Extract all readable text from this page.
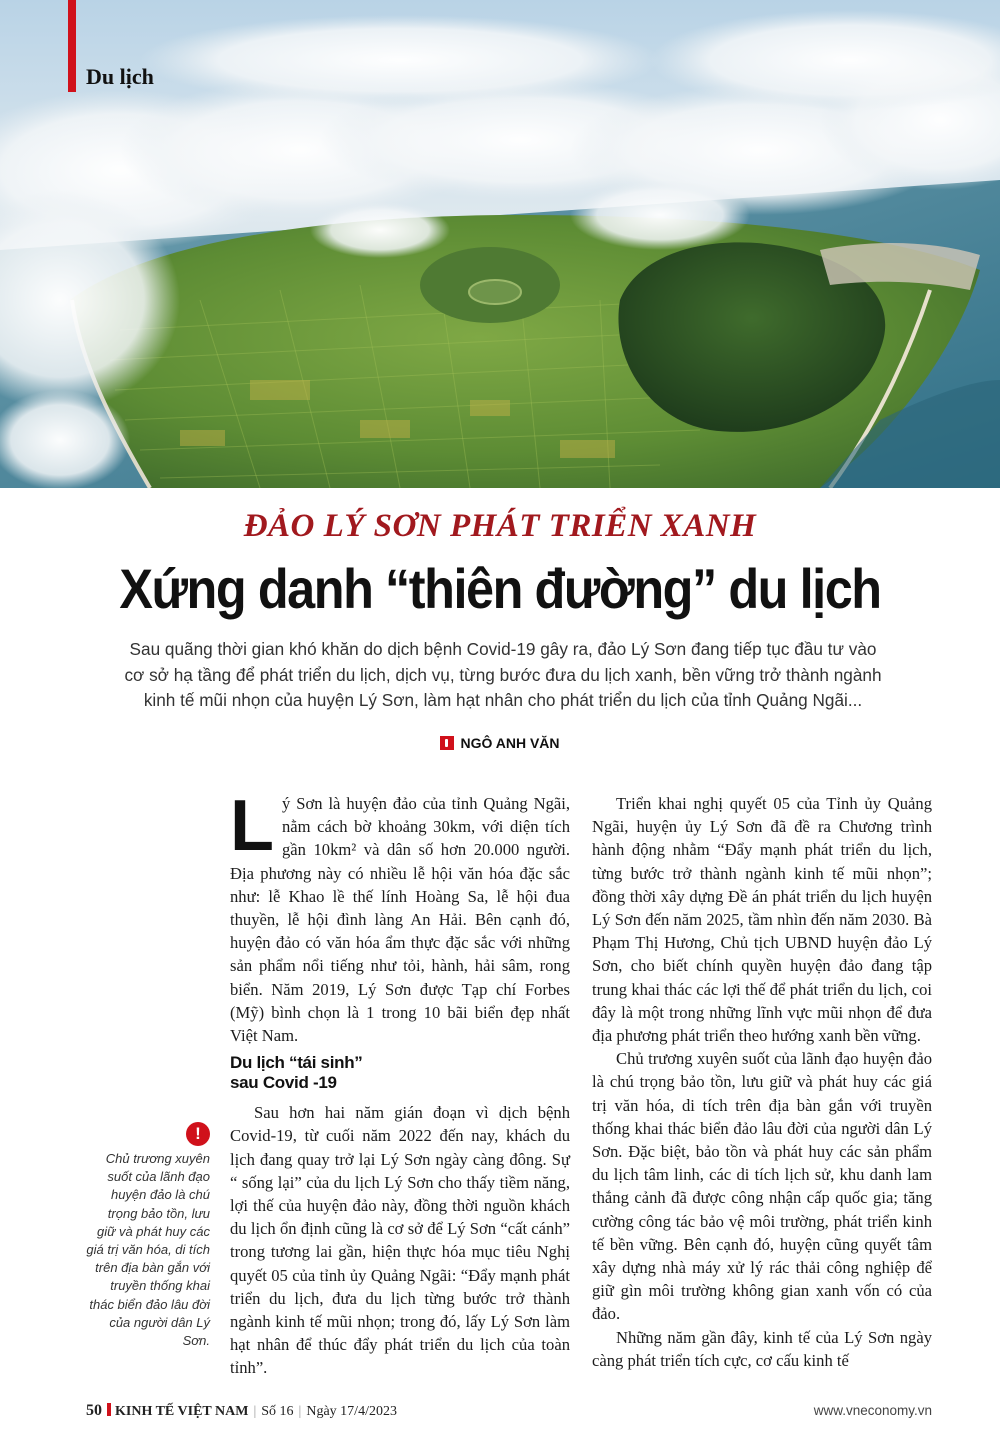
Du lịch
ĐẢO LÝ SƠN PHÁT TRIỂN XANH
Xứng danh “thiên đường” du lịch
Sau quãng thời gian khó khăn do dịch bệnh Covid-19 gây ra, đảo Lý Sơn đang tiếp tục đầu tư vào cơ sở hạ tầng để phát triển du lịch, dịch vụ, từng bước đưa du lịch xanh, bền vững trở thành ngành kinh tế mũi nhọn của huyện Lý Sơn, làm hạt nhân cho phát triển du lịch của tỉnh Quảng Ngãi...
NGÔ ANH VĂN

Lý Sơn là huyện đảo của tỉnh Quảng Ngãi, nằm cách bờ khoảng 30km, với diện tích gần 10km² và dân số hơn 20.000 người. Địa phương này có nhiều lễ hội văn hóa đặc sắc như: lễ Khao lề thế lính Hoàng Sa, lễ hội đua thuyền, lễ hội đình làng An Hải. Bên cạnh đó, huyện đảo có văn hóa ẩm thực đặc sắc với những sản phẩm nổi tiếng như tỏi, hành, hải sâm, rong biển. Năm 2019, Lý Sơn được Tạp chí Forbes (Mỹ) bình chọn là 1 trong 10 bãi biển đẹp nhất Việt Nam.

Du lịch “tái sinh”
sau Covid -19

Sau hơn hai năm gián đoạn vì dịch bệnh Covid-19, từ cuối năm 2022 đến nay, khách du lịch đang quay trở lại Lý Sơn ngày càng đông. Sự “ sống lại” của du lịch Lý Sơn cho thấy tiềm năng, lợi thế của huyện đảo này, đồng thời nguồn khách du lịch ổn định cũng là cơ sở để Lý Sơn “cất cánh” trong tương lai gần, hiện thực hóa mục tiêu Nghị quyết 05 của tỉnh ủy Quảng Ngãi: “Đẩy mạnh phát triển du lịch, đưa du lịch từng bước trở thành ngành kinh tế mũi nhọn; trong đó, lấy Lý Sơn làm hạt nhân để thúc đẩy phát triển du lịch của toàn tỉnh”.

!
Chủ trương xuyên suốt của lãnh đạo huyện đảo là chú trọng bảo tồn, lưu giữ và phát huy các giá trị văn hóa, di tích trên địa bàn gắn với truyền thống khai thác biển đảo lâu đời của người dân Lý Sơn.

Triển khai nghị quyết 05 của Tỉnh ủy Quảng Ngãi, huyện ủy Lý Sơn đã đề ra Chương trình hành động nhằm “Đẩy mạnh phát triển du lịch, từng bước trở thành ngành kinh tế mũi nhọn”; đồng thời xây dựng Đề án phát triển du lịch huyện Lý Sơn đến năm 2025, tầm nhìn đến năm 2030. Bà Phạm Thị Hương, Chủ tịch UBND huyện đảo Lý Sơn, cho biết chính quyền huyện đảo đang tập trung khai thác các lợi thế để phát triển du lịch, coi đây là một trong những lĩnh vực mũi nhọn để đưa địa phương phát triển theo hướng xanh bền vững.

Chủ trương xuyên suốt của lãnh đạo huyện đảo là chú trọng bảo tồn, lưu giữ và phát huy các giá trị văn hóa, di tích trên địa bàn gắn với truyền thống khai thác biển đảo lâu đời của người dân Lý Sơn. Đặc biệt, bảo tồn và phát huy các sản phẩm du lịch tâm linh, các di tích lịch sử, khu danh lam thắng cảnh đã được công nhận cấp quốc gia; tăng cường công tác bảo vệ môi trường, phát triển kinh tế bền vững. Bên cạnh đó, huyện cũng quyết tâm xây dựng nhà máy xử lý rác thải công nghiệp để giữ gìn môi trường không gian xanh vốn có của đảo.

Những năm gần đây, kinh tế của Lý Sơn ngày càng phát triển tích cực, cơ cấu kinh tế

50 KINH TẾ VIỆT NAM | Số 16 | Ngày 17/4/2023	www.vneconomy.vn
